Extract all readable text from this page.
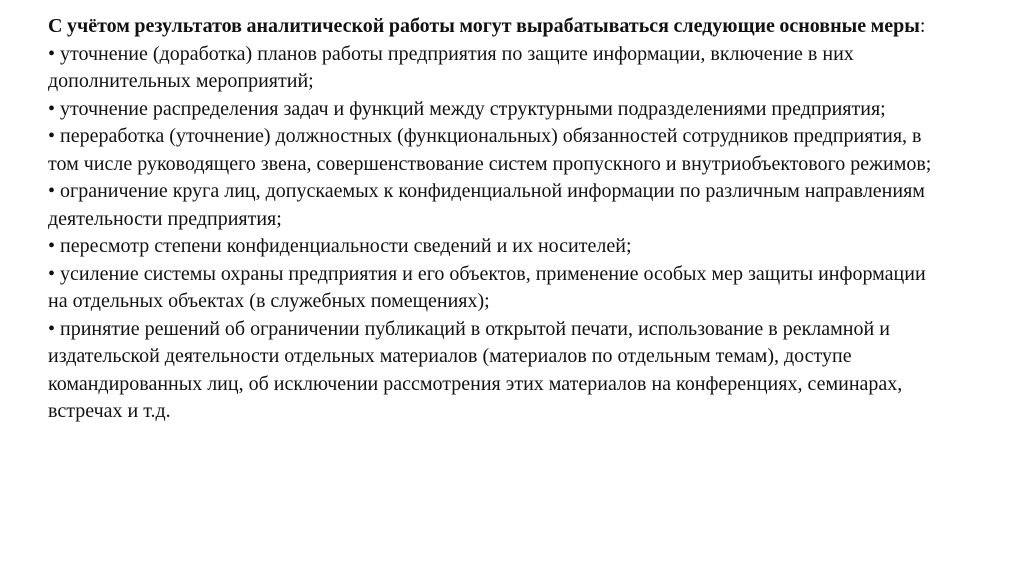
С учётом результатов аналитической работы могут вырабатываться следующие основные меры:

• уточнение (доработка) планов работы предприятия по защите информации, включение в них дополнительных мероприятий;
• уточнение распределения задач и функций между структурными подразделениями предприятия;
• переработка (уточнение) должностных (функциональных) обязанностей сотрудников предприятия, в том числе руководящего звена, совершенствование систем пропускного и внутриобъектового режимов;
• ограничение круга лиц, допускаемых к конфиденциальной информации по различным направлениям деятельности предприятия;
• пересмотр степени конфиденциальности сведений и их носителей;
• усиление системы охраны предприятия и его объектов, применение особых мер защиты информации на отдельных объектах (в служебных помещениях);
• принятие решений об ограничении публикаций в открытой печати, использование в рекламной и издательской деятельности отдельных материалов (материалов по отдельным темам), доступе командированных лиц, об исключении рассмотрения этих материалов на конференциях, семинарах, встречах и т.д.
